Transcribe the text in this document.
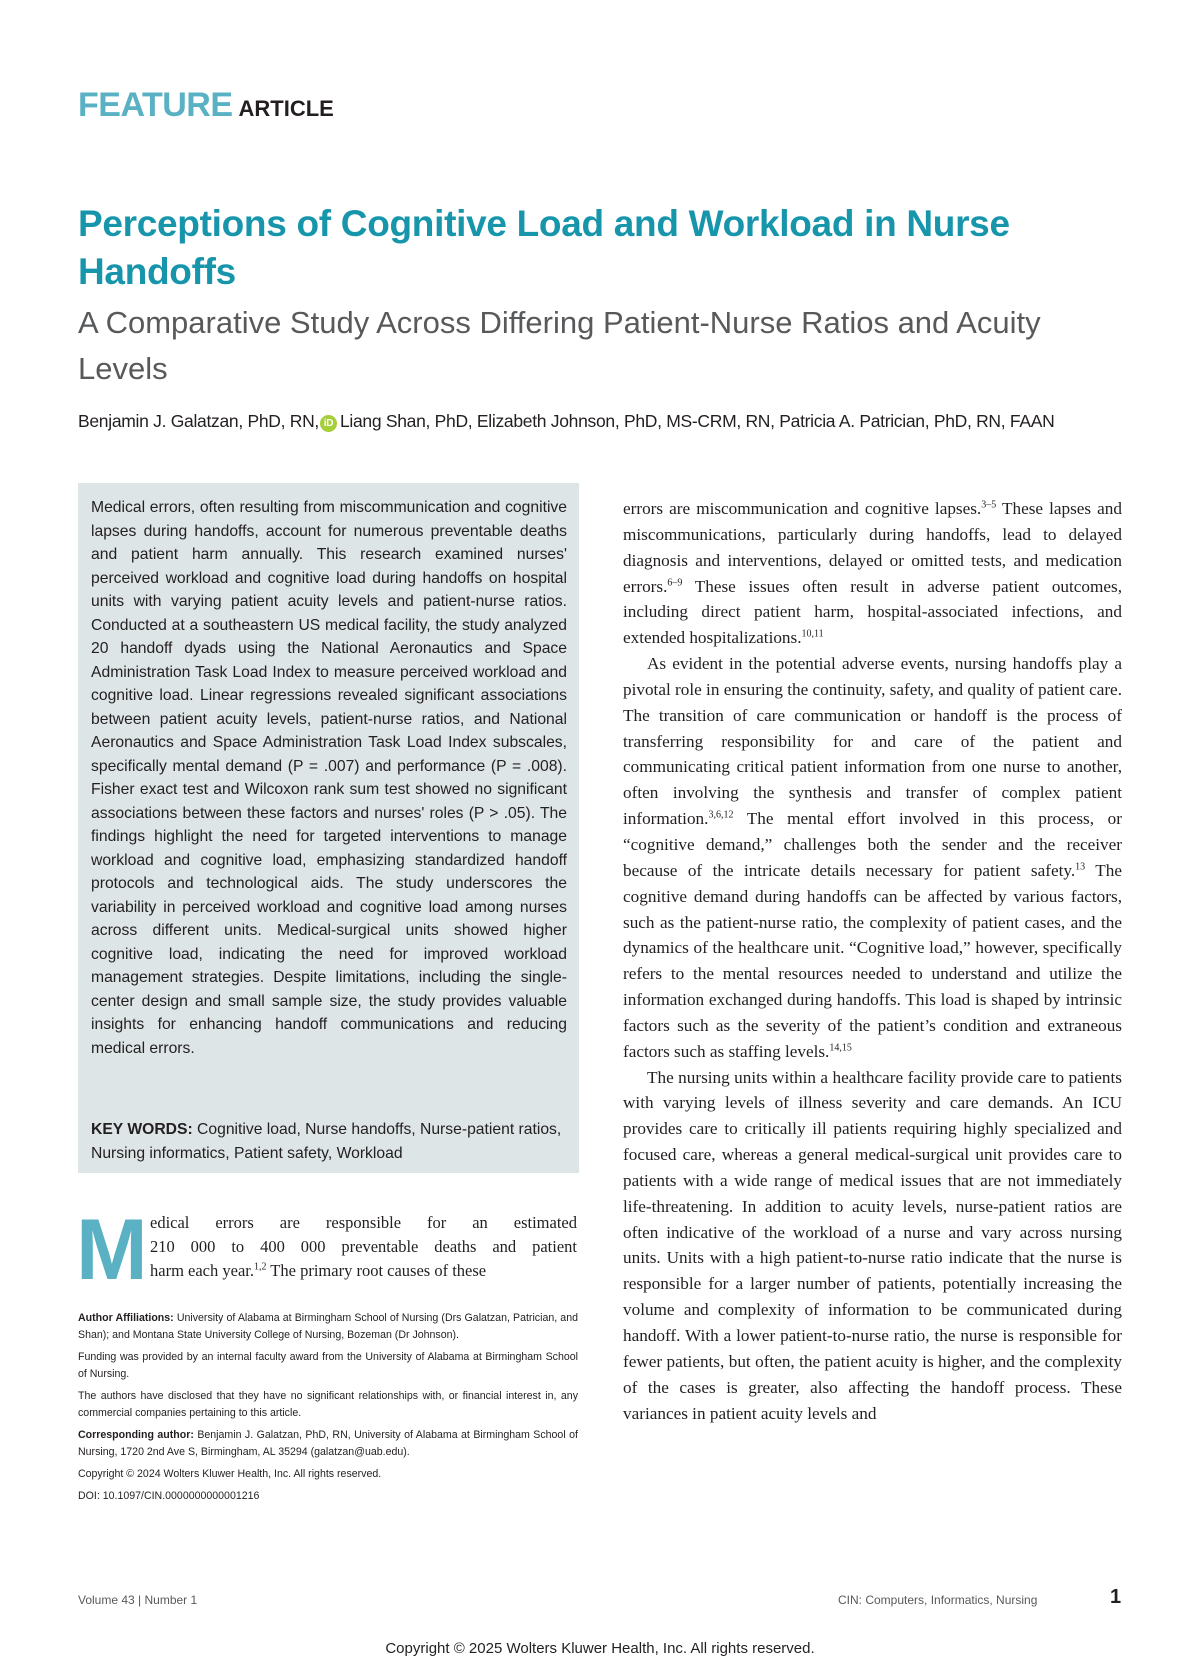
FEATURE ARTICLE
Perceptions of Cognitive Load and Workload in Nurse Handoffs
A Comparative Study Across Differing Patient-Nurse Ratios and Acuity Levels
Benjamin J. Galatzan, PhD, RN, iD Liang Shan, PhD, Elizabeth Johnson, PhD, MS-CRM, RN, Patricia A. Patrician, PhD, RN, FAAN
Medical errors, often resulting from miscommunication and cognitive lapses during handoffs, account for numerous preventable deaths and patient harm annually. This research examined nurses' perceived workload and cognitive load during handoffs on hospital units with varying patient acuity levels and patient-nurse ratios. Conducted at a southeastern US medical facility, the study analyzed 20 handoff dyads using the National Aeronautics and Space Administration Task Load Index to measure perceived workload and cognitive load. Linear regressions revealed significant associations between patient acuity levels, patient-nurse ratios, and National Aeronautics and Space Administration Task Load Index subscales, specifically mental demand (P = .007) and performance (P = .008). Fisher exact test and Wilcoxon rank sum test showed no significant associations between these factors and nurses' roles (P > .05). The findings highlight the need for targeted interventions to manage workload and cognitive load, emphasizing standardized handoff protocols and technological aids. The study underscores the variability in perceived workload and cognitive load among nurses across different units. Medical-surgical units showed higher cognitive load, indicating the need for improved workload management strategies. Despite limitations, including the single-center design and small sample size, the study provides valuable insights for enhancing handoff communications and reducing medical errors.
KEY WORDS: Cognitive load, Nurse handoffs, Nurse-patient ratios, Nursing informatics, Patient safety, Workload
M edical errors are responsible for an estimated
210 000 to 400 000 preventable deaths and patient
harm each year.$^{1,2}$ The primary root causes of these

Author Affiliations: University of Alabama at Birmingham School of Nursing (Drs Galatzan, Patrician, and Shan); and Montana State University College of Nursing, Bozeman (Dr Johnson).

Funding was provided by an internal faculty award from the University of Alabama at Birmingham School of Nursing.

The authors have disclosed that they have no significant relationships with, or financial interest in, any commercial companies pertaining to this article.

Corresponding author: Benjamin J. Galatzan, PhD, RN, University of Alabama at Birmingham School of Nursing, 1720 2nd Ave S, Birmingham, AL 35294 (galatzan@uab.edu).

Copyright © 2024 Wolters Kluwer Health, Inc. All rights reserved.

DOI: 10.1097/CIN.0000000000001216

errors are miscommunication and cognitive lapses.$^{3-5}$ These lapses and miscommunications, particularly during handoffs, lead to delayed diagnosis and interventions, delayed or omitted tests, and medication errors.$^{6-9}$ These issues often result in adverse patient outcomes, including direct patient harm, hospital-associated infections, and extended hospitalizations.$^{10,11}$

As evident in the potential adverse events, nursing handoffs play a pivotal role in ensuring the continuity, safety, and quality of patient care. The transition of care communication or handoff is the process of transferring responsibility for and care of the patient and communicating critical patient information from one nurse to another, often involving the synthesis and transfer of complex patient information.$^{3,6,12}$ The mental effort involved in this process, or “cognitive demand,” challenges both the sender and the receiver because of the intricate details necessary for patient safety.$^{13}$ The cognitive demand during handoffs can be affected by various factors, such as the patient-nurse ratio, the complexity of patient cases, and the dynamics of the healthcare unit. “Cognitive load,” however, specifically refers to the mental resources needed to understand and utilize the information exchanged during handoffs. This load is shaped by intrinsic factors such as the severity of the patient’s condition and extraneous factors such as staffing levels.$^{14,15}$

The nursing units within a healthcare facility provide care to patients with varying levels of illness severity and care demands. An ICU provides care to critically ill patients requiring highly specialized and focused care, whereas a general medical-surgical unit provides care to patients with a wide range of medical issues that are not immediately life-threatening. In addition to acuity levels, nurse-patient ratios are often indicative of the workload of a nurse and vary across nursing units. Units with a high patient-to-nurse ratio indicate that the nurse is responsible for a larger number of patients, potentially increasing the volume and complexity of information to be communicated during handoff. With a lower patient-to-nurse ratio, the nurse is responsible for fewer patients, but often, the patient acuity is higher, and the complexity of the cases is greater, also affecting the handoff process. These variances in patient acuity levels and

Volume 43 | Number 1	CIN: Computers, Informatics, Nursing	1
Copyright © 2025 Wolters Kluwer Health, Inc. All rights reserved.
